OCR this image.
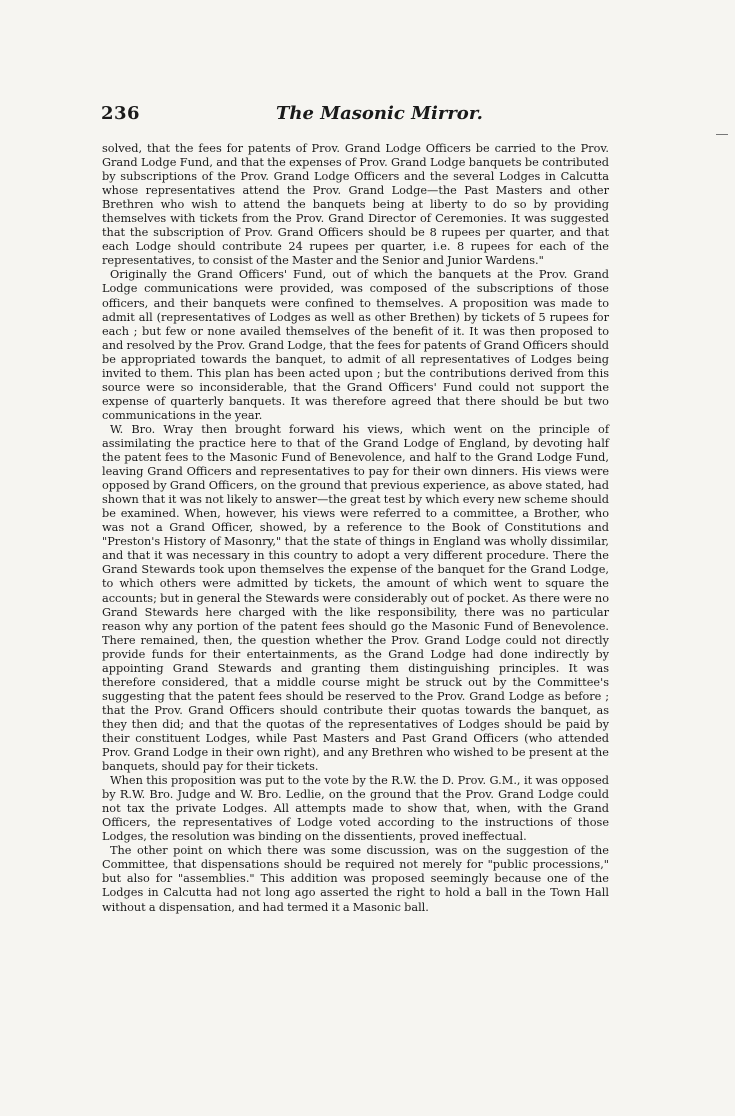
236	The Masonic Mirror.

solved, that the fees for patents of Prov. Grand Lodge Officers be carried to the Prov. Grand Lodge Fund, and that the expenses of Prov. Grand Lodge banquets be contributed by subscriptions of the Prov. Grand Lodge Officers and the several Lodges in Calcutta whose representatives attend the Prov. Grand Lodge—the Past Masters and other Brethren who wish to attend the banquets being at liberty to do so by providing themselves with tickets from the Prov. Grand Director of Ceremonies. It was suggested that the subscription of Prov. Grand Officers should be 8 rupees per quarter, and that each Lodge should contribute 24 rupees per quarter, i.e. 8 rupees for each of the representatives, to consist of the Master and the Senior and Junior Wardens."

Originally the Grand Officers' Fund, out of which the banquets at the Prov. Grand Lodge communications were provided, was composed of the subscriptions of those officers, and their banquets were confined to themselves. A proposition was made to admit all (representatives of Lodges as well as other Brethen) by tickets of 5 rupees for each ; but few or none availed themselves of the benefit of it. It was then proposed to and resolved by the Prov. Grand Lodge, that the fees for patents of Grand Officers should be appropriated towards the banquet, to admit of all representatives of Lodges being invited to them. This plan has been acted upon ; but the contributions derived from this source were so inconsiderable, that the Grand Officers' Fund could not support the expense of quarterly banquets. It was therefore agreed that there should be but two communications in the year.

W. Bro. Wray then brought forward his views, which went on the principle of assimilating the practice here to that of the Grand Lodge of England, by devoting half the patent fees to the Masonic Fund of Benevolence, and half to the Grand Lodge Fund, leaving Grand Officers and representatives to pay for their own dinners. His views were opposed by Grand Officers, on the ground that previous experience, as above stated, had shown that it was not likely to answer—the great test by which every new scheme should be examined. When, however, his views were referred to a committee, a Brother, who was not a Grand Officer, showed, by a reference to the Book of Constitutions and "Preston's History of Masonry," that the state of things in England was wholly dissimilar, and that it was necessary in this country to adopt a very different procedure. There the Grand Stewards took upon themselves the expense of the banquet for the Grand Lodge, to which others were admitted by tickets, the amount of which went to square the accounts; but in general the Stewards were considerably out of pocket. As there were no Grand Stewards here charged with the like responsibility, there was no particular reason why any portion of the patent fees should go the Masonic Fund of Benevolence. There remained, then, the question whether the Prov. Grand Lodge could not directly provide funds for their entertainments, as the Grand Lodge had done indirectly by appointing Grand Stewards and granting them distinguishing principles. It was therefore considered, that a middle course might be struck out by the Committee's suggesting that the patent fees should be reserved to the Prov. Grand Lodge as before ; that the Prov. Grand Officers should contribute their quotas towards the banquet, as they then did; and that the quotas of the representatives of Lodges should be paid by their constituent Lodges, while Past Masters and Past Grand Officers (who attended Prov. Grand Lodge in their own right), and any Brethren who wished to be present at the banquets, should pay for their tickets.

When this proposition was put to the vote by the R.W. the D. Prov. G.M., it was opposed by R.W. Bro. Judge and W. Bro. Ledlie, on the ground that the Prov. Grand Lodge could not tax the private Lodges. All attempts made to show that, when, with the Grand Officers, the representatives of Lodge voted according to the instructions of those Lodges, the resolution was binding on the dissentients, proved ineffectual.

The other point on which there was some discussion, was on the suggestion of the Committee, that dispensations should be required not merely for "public processions," but also for "assemblies." This addition was proposed seemingly because one of the Lodges in Calcutta had not long ago asserted the right to hold a ball in the Town Hall without a dispensation, and had termed it a Masonic ball.
